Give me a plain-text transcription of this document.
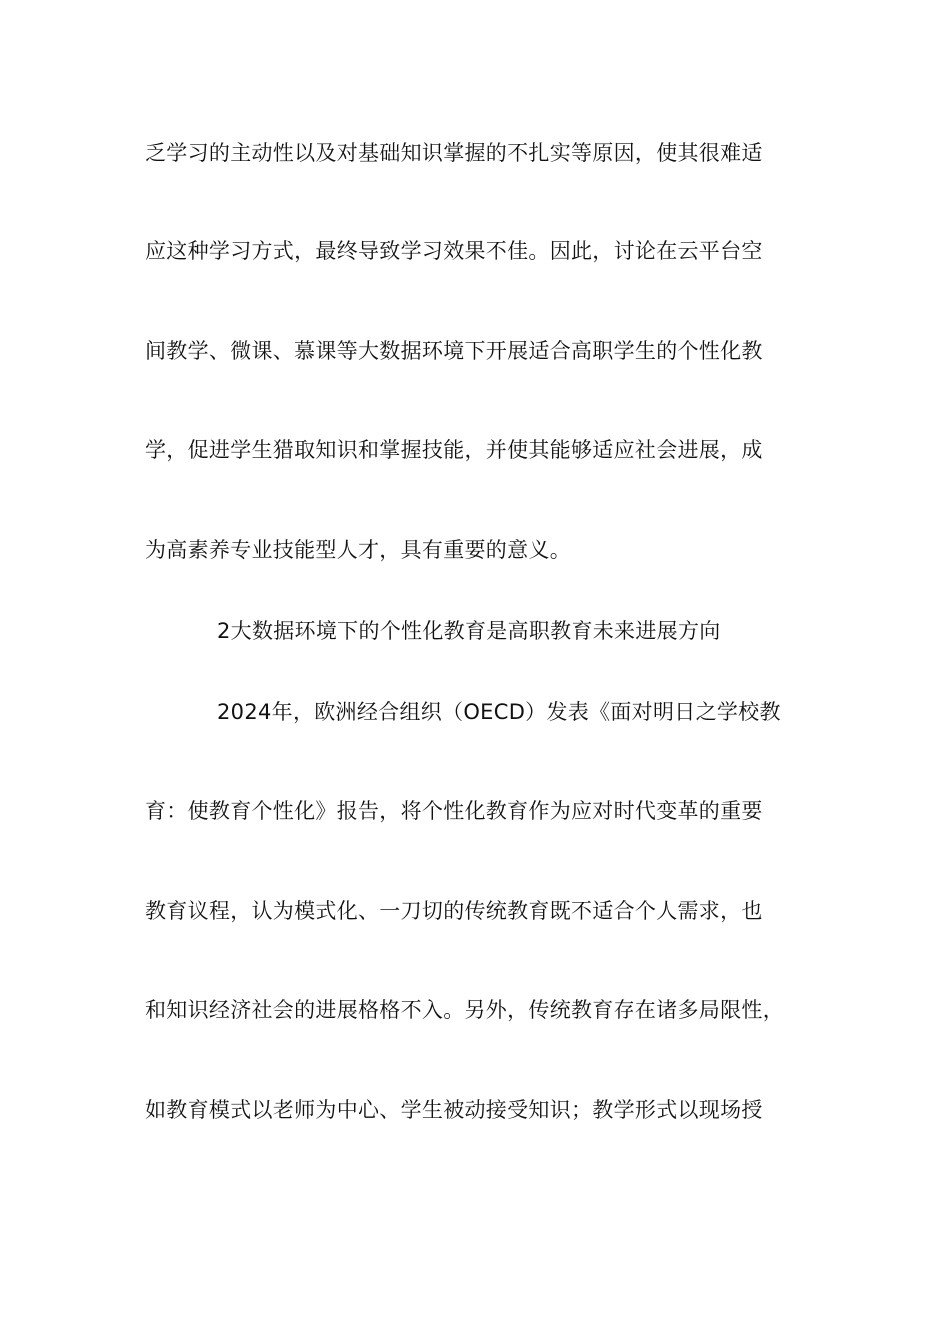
乏学习的主动性以及对基础知识掌握的不扎实等原因，使其很难适
应这种学习方式，最终导致学习效果不佳。因此，讨论在云平台空
间教学、微课、慕课等大数据环境下开展适合高职学生的个性化教
学，促进学生猎取知识和掌握技能，并使其能够适应社会进展，成
为高素养专业技能型人才，具有重要的意义。
2大数据环境下的个性化教育是高职教育未来进展方向
2024年，欧洲经合组织（OECD）发表《面对明日之学校教
育：使教育个性化》报告，将个性化教育作为应对时代变革的重要
教育议程，认为模式化、一刀切的传统教育既不适合个人需求，也
和知识经济社会的进展格格不入。另外，传统教育存在诸多局限性，
如教育模式以老师为中心、学生被动接受知识；教学形式以现场授
